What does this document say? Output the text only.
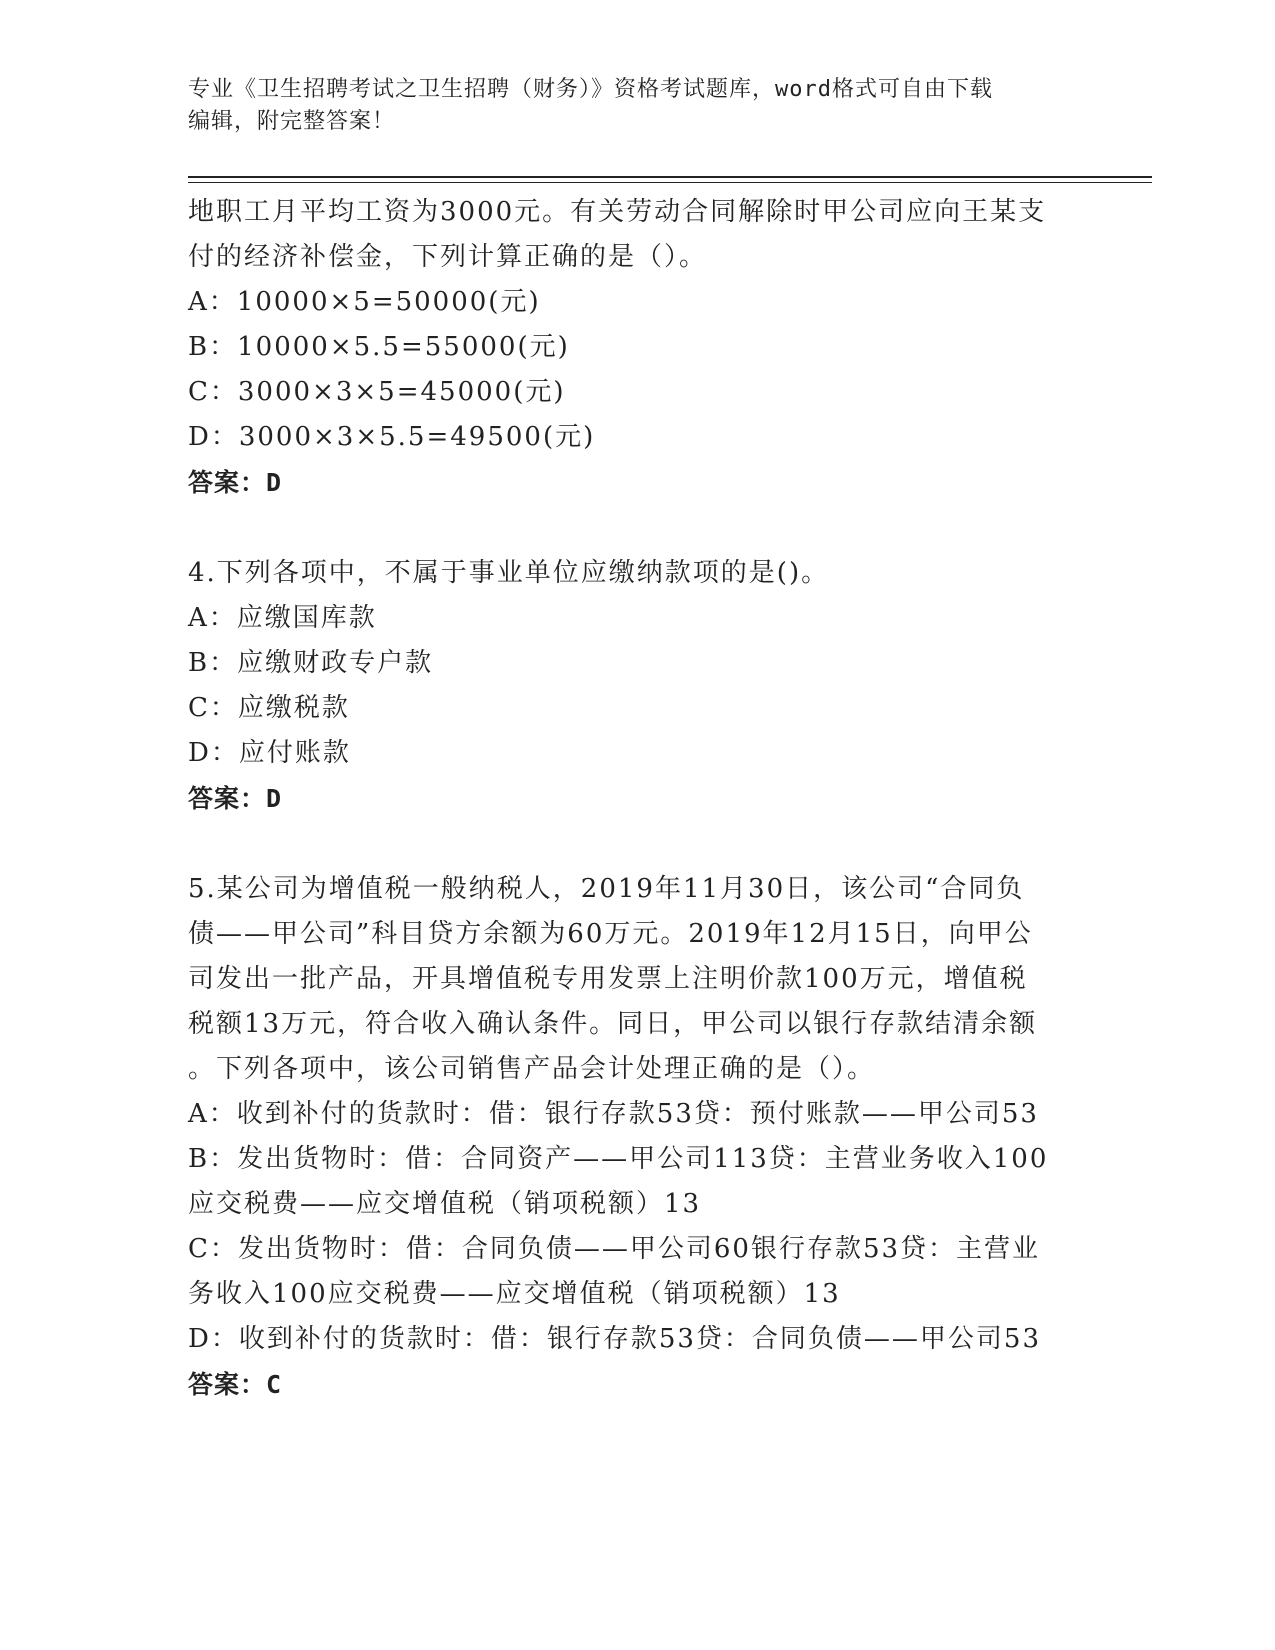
专业《卫生招聘考试之卫生招聘（财务）》资格考试题库，word格式可自由下载
编辑，附完整答案！
地职工月平均工资为3000元。有关劳动合同解除时甲公司应向王某支
付的经济补偿金，下列计算正确的是（）。
A：10000×5=50000(元)
B：10000×5.5=55000(元)
C：3000×3×5=45000(元)
D：3000×3×5.5=49500(元)
答案：D
4.下列各项中，不属于事业单位应缴纳款项的是()。
A：应缴国库款
B：应缴财政专户款
C：应缴税款
D：应付账款
答案：D
5.某公司为增值税一般纳税人，2019年11月30日，该公司“合同负
债——甲公司”科目贷方余额为60万元。2019年12月15日，向甲公
司发出一批产品，开具增值税专用发票上注明价款100万元，增值税
税额13万元，符合收入确认条件。同日，甲公司以银行存款结清余额
。下列各项中，该公司销售产品会计处理正确的是（）。
A：收到补付的货款时：借：银行存款53贷：预付账款——甲公司53
B：发出货物时：借：合同资产——甲公司113贷：主营业务收入100
应交税费——应交增值税（销项税额）13
C：发出货物时：借：合同负债——甲公司60银行存款53贷：主营业
务收入100应交税费——应交增值税（销项税额）13
D：收到补付的货款时：借：银行存款53贷：合同负债——甲公司53
答案：C
